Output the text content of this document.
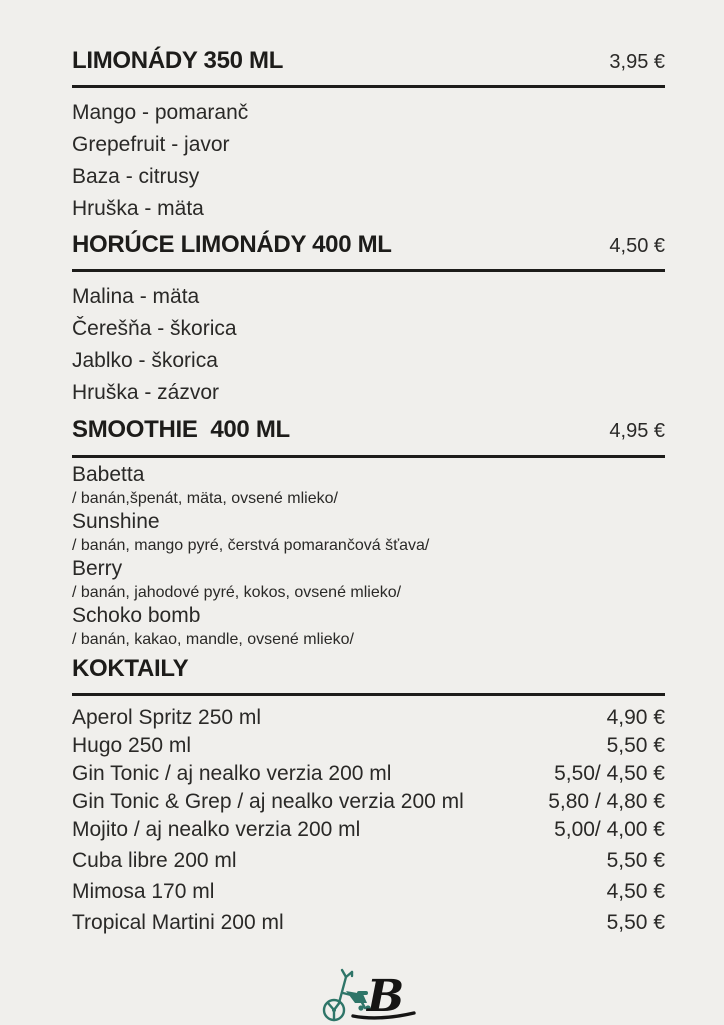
LIMONÁDY 350 ML	3,95 €
Mango - pomaranč
Grepefruit - javor
Baza - citrusy
Hruška - mäta
HORÚCE LIMONÁDY 400 ML	4,50 €
Malina - mäta
Čerešňa - škorica
Jablko - škorica
Hruška - zázvor
SMOOTHIE  400 ML	4,95 €
Babetta
/ banán,špenát, mäta, ovsené mlieko/
Sunshine
/ banán, mango pyré, čerstvá pomarančová šťava/
Berry
/ banán, jahodové pyré, kokos, ovsené mlieko/
Schoko bomb
/ banán, kakao, mandle, ovsené mlieko/
KOKTAILY
Aperol Spritz 250 ml	4,90 €
Hugo 250 ml	5,50 €
Gin Tonic / aj nealko verzia 200 ml	5,50/ 4,50 €
Gin Tonic & Grep / aj nealko verzia 200 ml	5,80 / 4,80 €
Mojito / aj nealko verzia 200 ml	5,00/ 4,00 €
Cuba libre 200 ml	5,50 €
Mimosa 170 ml	4,50 €
Tropical Martini 200 ml	5,50 €
B
